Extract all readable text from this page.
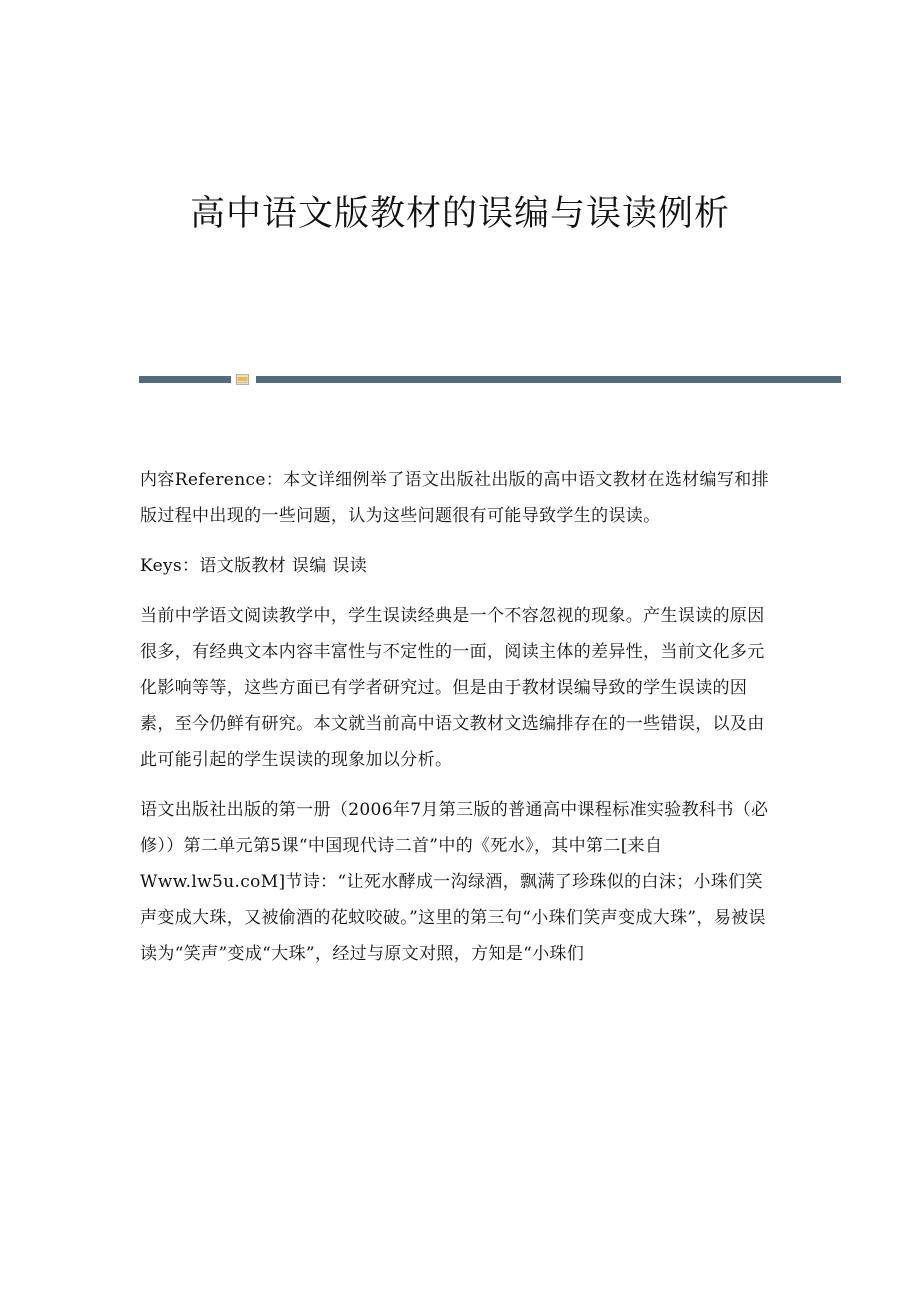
高中语文版教材的误编与误读例析

内容Reference：本文详细例举了语文出版社出版的高中语文教材在选材编写和排版过程中出现的一些问题，认为这些问题很有可能导致学生的误读。

Keys：语文版教材 误编 误读

当前中学语文阅读教学中，学生误读经典是一个不容忽视的现象。产生误读的原因很多，有经典文本内容丰富性与不定性的一面，阅读主体的差异性，当前文化多元化影响等等，这些方面已有学者研究过。但是由于教材误编导致的学生误读的因素，至今仍鲜有研究。本文就当前高中语文教材文选编排存在的一些错误，以及由此可能引起的学生误读的现象加以分析。

语文出版社出版的第一册（2006年7月第三版的普通高中课程标准实验教科书（必修））第二单元第5课“中国现代诗二首”中的《死水》，其中第二[来自Www.lw5u.coM]节诗：“让死水酵成一沟绿酒，飘满了珍珠似的白沫；小珠们笑声变成大珠，又被偷酒的花蚊咬破。”这里的第三句“小珠们笑声变成大珠”，易被误读为“笑声”变成“大珠”，经过与原文对照，方知是“小珠们
